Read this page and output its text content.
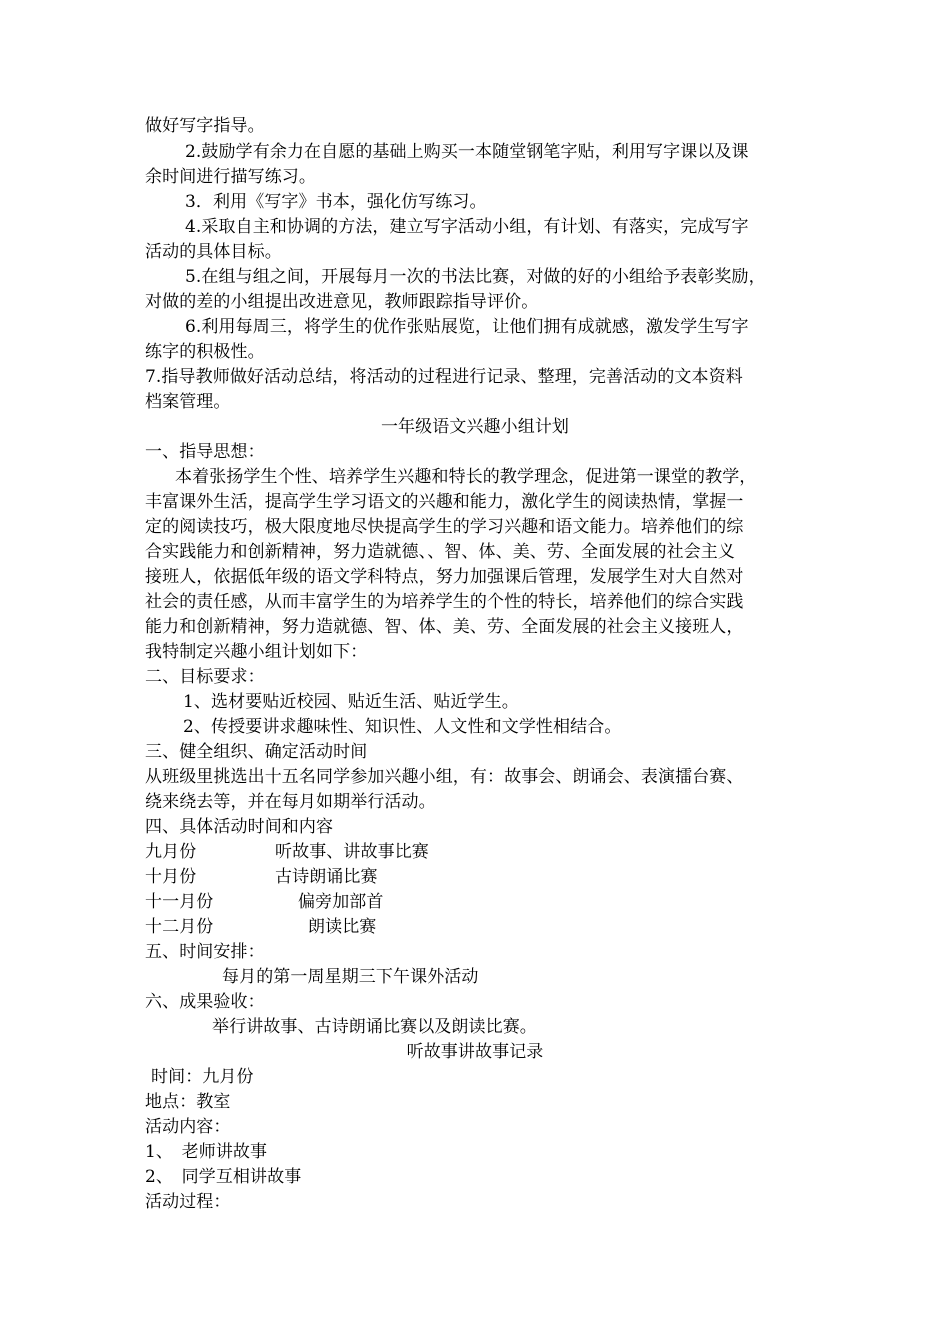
做好写字指导。
2.鼓励学有余力在自愿的基础上购买一本随堂钢笔字贴，利用写字课以及课
余时间进行描写练习。
3．利用《写字》书本，强化仿写练习。
4.采取自主和协调的方法，建立写字活动小组，有计划、有落实，完成写字
活动的具体目标。
5.在组与组之间，开展每月一次的书法比赛，对做的好的小组给予表彰奖励，
对做的差的小组提出改进意见，教师跟踪指导评价。
6.利用每周三，将学生的优作张贴展览，让他们拥有成就感，激发学生写字
练字的积极性。
7.指导教师做好活动总结，将活动的过程进行记录、整理，完善活动的文本资料
档案管理。
一年级语文兴趣小组计划
一、指导思想：
本着张扬学生个性、培养学生兴趣和特长的教学理念，促进第一课堂的教学，
丰富课外生活，提高学生学习语文的兴趣和能力，激化学生的阅读热情，掌握一
定的阅读技巧，极大限度地尽快提高学生的学习兴趣和语文能力。培养他们的综
合实践能力和创新精神，努力造就德、、智、体、美、劳、全面发展的社会主义
接班人，依据低年级的语文学科特点，努力加强课后管理，发展学生对大自然对
社会的责任感，从而丰富学生的为培养学生的个性的特长，培养他们的综合实践
能力和创新精神，努力造就德、智、体、美、劳、全面发展的社会主义接班人，
我特制定兴趣小组计划如下：
二、目标要求：
1、选材要贴近校园、贴近生活、贴近学生。
2、传授要讲求趣味性、知识性、人文性和文学性相结合。
三、健全组织、确定活动时间
从班级里挑选出十五名同学参加兴趣小组，有：故事会、朗诵会、表演擂台赛、
绕来绕去等，并在每月如期举行活动。
四、具体活动时间和内容
九月份	听故事、讲故事比赛
十月份	古诗朗诵比赛
十一月份	偏旁加部首
十二月份	朗读比赛
五、时间安排：
每月的第一周星期三下午课外活动
六、成果验收：
举行讲故事、古诗朗诵比赛以及朗读比赛。
听故事讲故事记录
时间：九月份
地点：教室
活动内容：
1、　老师讲故事
2、　同学互相讲故事
活动过程：
